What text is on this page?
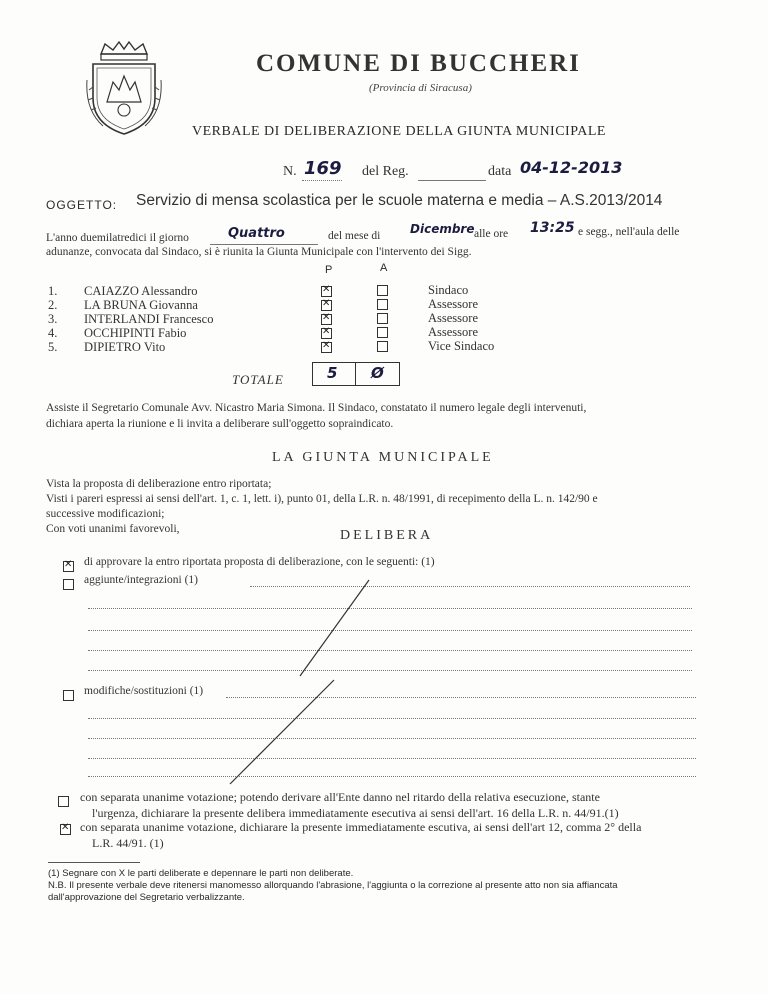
COMUNE DI BUCCHERI
(Provincia di Siracusa)
VERBALE DI DELIBERAZIONE DELLA GIUNTA MUNICIPALE
N. 169 del Reg.	data 04-12-2013
OGGETTO: Servizio di mensa scolastica per le scuole materna e media – A.S.2013/2014
L'anno duemilatredici il giorno	Quattro	del mese di Dicembre alle ore 13:25 e segg., nell'aula delle
adunanze, convocata dal Sindaco, si è riunita la Giunta Municipale con l'intervento dei Sigg.
P	A
1. CAIAZZO Alessandro ✕	Sindaco
2. LA BRUNA Giovanna ✕	Assessore
3. INTERLANDI Francesco ✕	Assessore
4. OCCHIPINTI Fabio ✕	Assessore
5. DIPIETRO Vito ✕	Vice Sindaco
TOTALE	5 Ø
Assiste il Segretario Comunale Avv. Nicastro Maria Simona. Il Sindaco, constatato il numero legale degli intervenuti,
dichiara aperta la riunione e li invita a deliberare sull'oggetto sopraindicato.
LA GIUNTA MUNICIPALE
Vista la proposta di deliberazione entro riportata;
Visti i pareri espressi ai sensi dell'art. 1, c. 1, lett. i), punto 01, della L.R. n. 48/1991, di recepimento della L. n. 142/90 e
successive modificazioni;
Con voti unanimi favorevoli,	DELIBERA
✕
di approvare la entro riportata proposta di deliberazione, con le seguenti: (1)
aggiunte/integrazioni (1)
modifiche/sostituzioni (1)
con separata unanime votazione; potendo derivare all'Ente danno nel ritardo della relativa esecuzione, stante
l'urgenza, dichiarare la presente delibera immediatamente esecutiva ai sensi dell'art. 16 della L.R. n. 44/91.(1)
✕
con separata unanime votazione, dichiarare la presente immediatamente escutiva, ai sensi dell'art 12, comma 2° della
L.R. 44/91. (1)
(1) Segnare con X le parti deliberate e depennare le parti non deliberate.
N.B. Il presente verbale deve ritenersi manomesso allorquando l'abrasione, l'aggiunta o la correzione al presente atto non sia affiancata
dall'approvazione del Segretario verbalizzante.
